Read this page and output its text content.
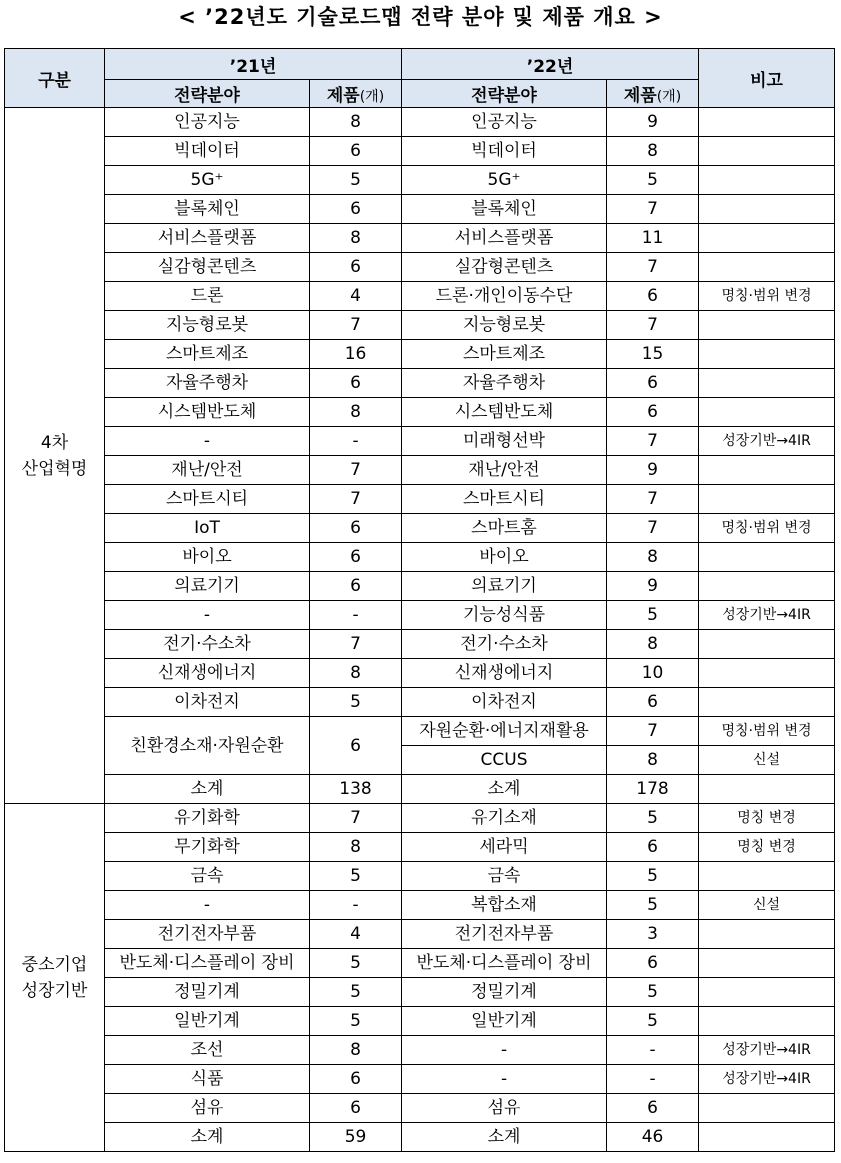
< ’22년도 기술로드맵 전략 분야 및 제품 개요 >
구분	’21년		’22년		비고
	전략분야	제품(개)	전략분야	제품(개)	

4차
산업혁명	인공지능	8	인공지능	9	
	빅데이터	6	빅데이터	8	
	5G⁺	5	5G⁺	5	
	블록체인	6	블록체인	7	
	서비스플랫폼	8	서비스플랫폼	11	
	실감형콘텐츠	6	실감형콘텐츠	7	
	드론	4	드론·개인이동수단	6	명칭·범위 변경
	지능형로봇	7	지능형로봇	7	
	스마트제조	16	스마트제조	15	
	자율주행차	6	자율주행차	6	
	시스템반도체	8	시스템반도체	6	
	-	-	미래형선박	7	성장기반→4IR
	재난/안전	7	재난/안전	9	
	스마트시티	7	스마트시티	7	
	IoT	6	스마트홈	7	명칭·범위 변경
	바이오	6	바이오	8	
	의료기기	6	의료기기	9	
	-	-	기능성식품	5	성장기반→4IR
	전기·수소차	7	전기·수소차	8	
	신재생에너지	8	신재생에너지	10	
	이차전지	5	이차전지	6	
	친환경소재·자원순환	6	자원순환·에너지재활용	7	명칭·범위 변경
			CCUS	8	신설
	소계	138	소계	178	

중소기업
성장기반	유기화학	7	유기소재	5	명칭 변경
	무기화학	8	세라믹	6	명칭 변경
	금속	5	금속	5	
	-	-	복합소재	5	신설
	전기전자부품	4	전기전자부품	3	
	반도체·디스플레이 장비	5	반도체·디스플레이 장비	6	
	정밀기계	5	정밀기계	5	
	일반기계	5	일반기계	5	
	조선	8	-	-	성장기반→4IR
	식품	6	-	-	성장기반→4IR
	섬유	6	섬유	6	
	소계	59	소계	46	
